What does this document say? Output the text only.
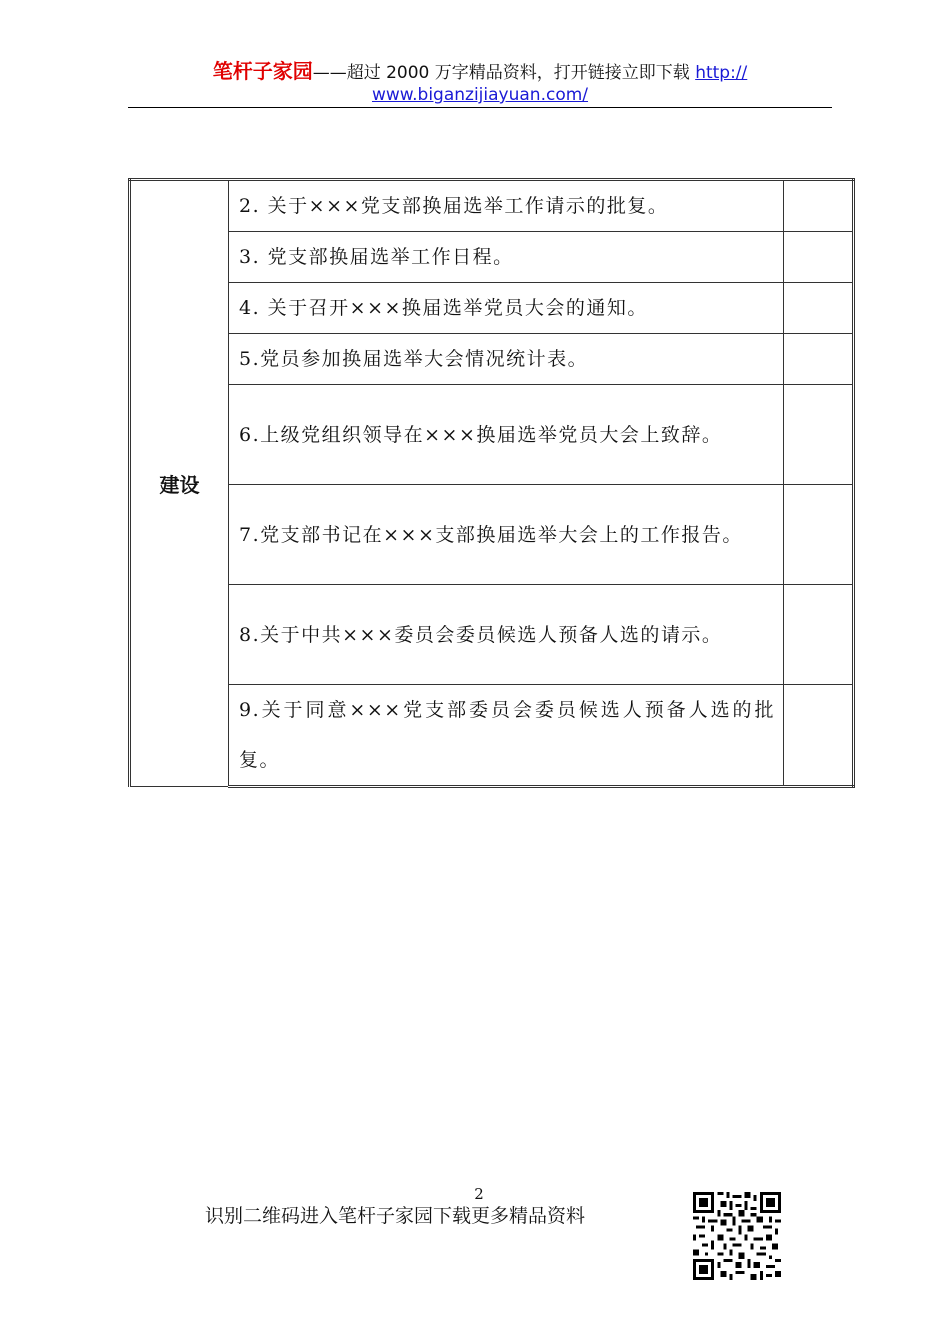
笔杆子家园——超过 2000 万字精品资料，打开链接立即下载 http://
www.biganzijiayuan.com/
建设	2. 关于×××党支部换届选举工作请示的批复。	
	3. 党支部换届选举工作日程。	
	4. 关于召开×××换届选举党员大会的通知。	
	5.党员参加换届选举大会情况统计表。	
	6.上级党组织领导在×××换届选举党员大会上致辞。	
	7.党支部书记在×××支部换届选举大会上的工作报告。	
	8.关于中共×××委员会委员候选人预备人选的请示。	
	9.关于同意×××党支部委员会委员候选人预备人选的批复。	
2
识别二维码进入笔杆子家园下载更多精品资料
